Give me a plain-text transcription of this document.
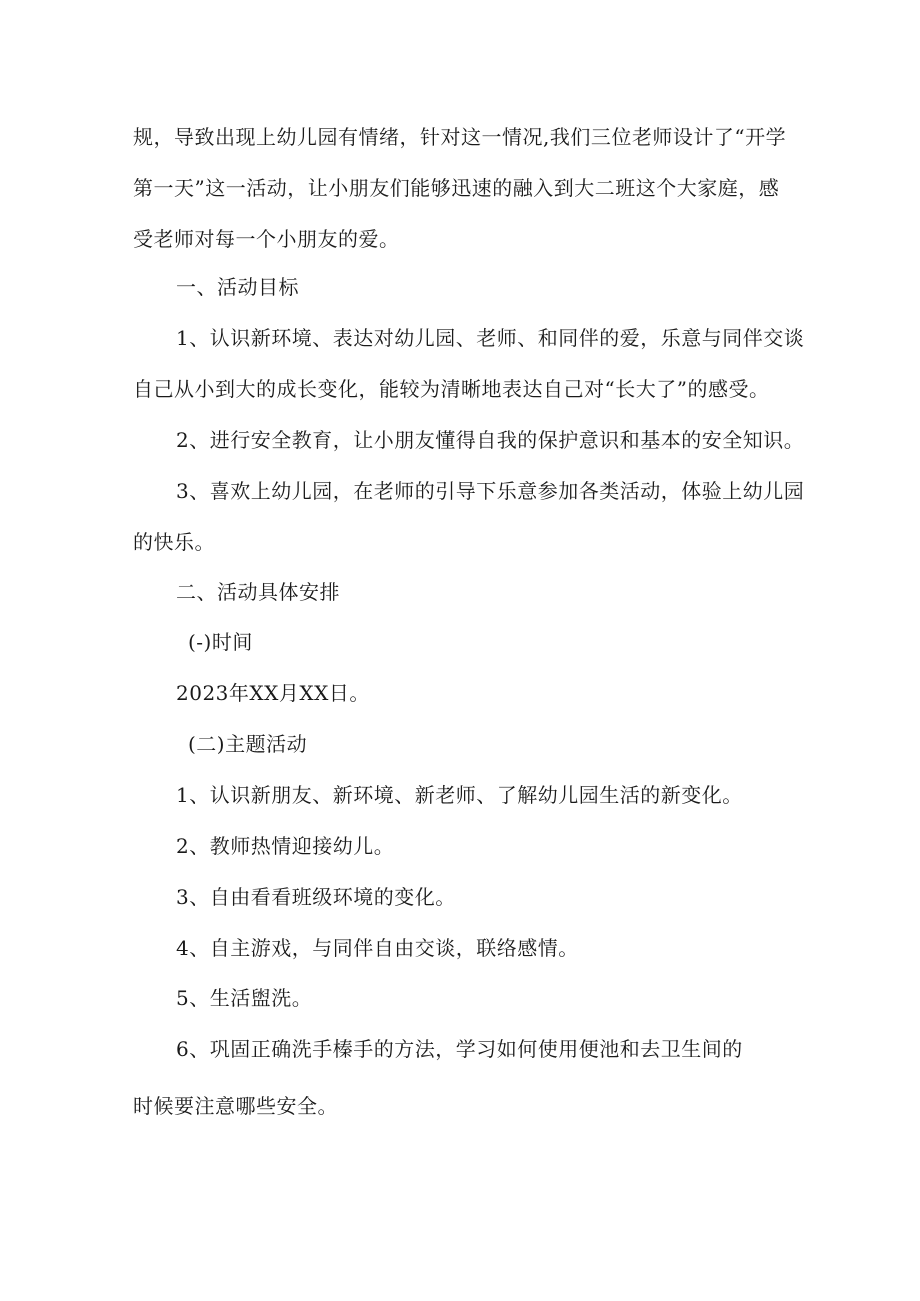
规，导致出现上幼儿园有情绪，针对这一情况,我们三位老师设计了“开学

第一天”这一活动，让小朋友们能够迅速的融入到大二班这个大家庭，感

受老师对每一个小朋友的爱。

一、活动目标

1、认识新环境、表达对幼儿园、老师、和同伴的爱，乐意与同伴交谈

自己从小到大的成长变化，能较为清晰地表达自己对“长大了”的感受。

2、进行安全教育，让小朋友懂得自我的保护意识和基本的安全知识。

3、喜欢上幼儿园，在老师的引导下乐意参加各类活动，体验上幼儿园

的快乐。

二、活动具体安排

(-)时间

2023年XX月XX日。

(二)主题活动

1、认识新朋友、新环境、新老师、了解幼儿园生活的新变化。

2、教师热情迎接幼儿。

3、自由看看班级环境的变化。

4、自主游戏，与同伴自由交谈，联络感情。

5、生活盥洗。

6、巩固正确洗手榛手的方法，学习如何使用便池和去卫生间的

时候要注意哪些安全。
